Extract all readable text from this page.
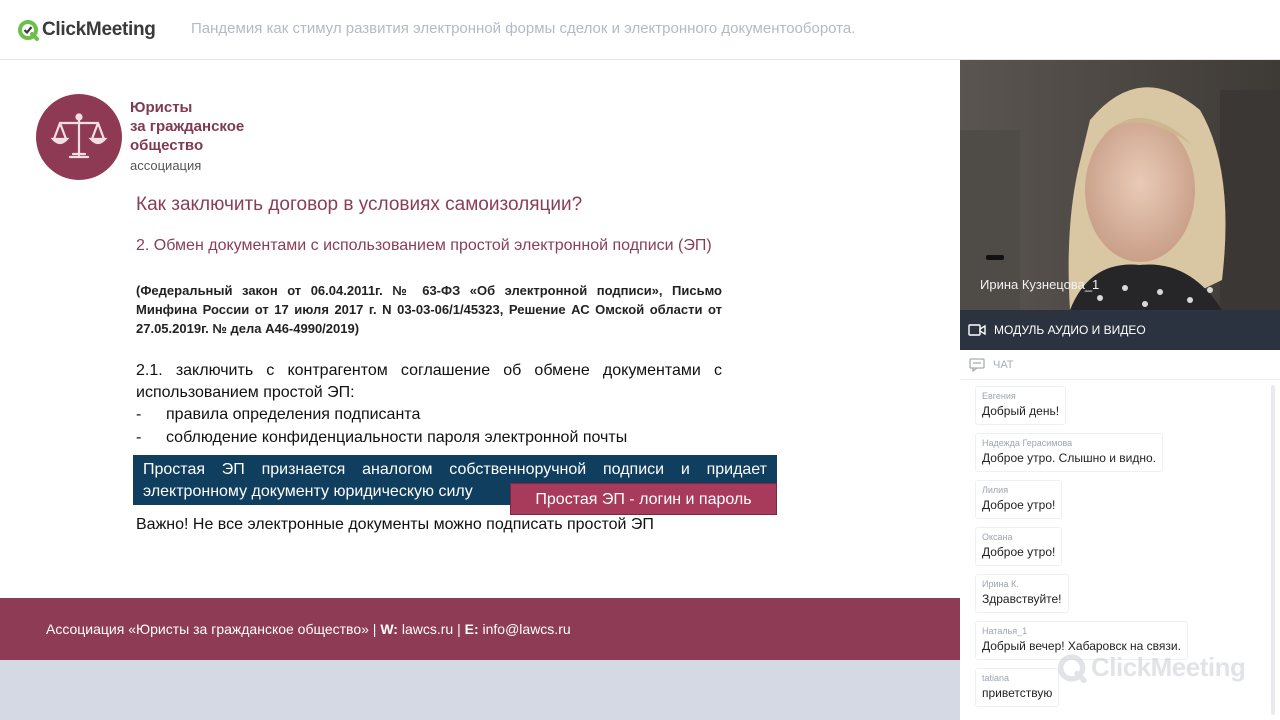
ClickMeeting Пандемия как стимул развития электронной формы сделок и электронного документооборота.
Юристы
за гражданское
общество
ассоциация
Как заключить договор в условиях самоизоляции?
2. Обмен документами с использованием простой электронной подписи (ЭП)
(Федеральный закон от 06.04.2011г. № 63-ФЗ «Об электронной подписи», Письмо Минфина России от 17 июля 2017 г. N 03-03-06/1/45323, Решение АС Омской области от 27.05.2019г. № дела А46-4990/2019)
2.1. заключить с контрагентом соглашение об обмене документами с использованием простой ЭП:
- правила определения подписанта
- соблюдение конфиденциальности пароля электронной почты
Простая ЭП признается аналогом собственноручной подписи и придает электронному документу юридическую силу	Простая ЭП - логин и пароль
Важно! Не все электронные документы можно подписать простой ЭП
Ассоциация «Юристы за гражданское общество» | W: lawcs.ru | E: info@lawcs.ru
Ирина Кузнецова_1
МОДУЛЬ АУДИО И ВИДЕО
ЧАТ
Евгения
Добрый день!
Надежда Герасимова
Доброе утро. Слышно и видно.
Лилия
Доброе утро!
Оксана
Доброе утро!
Ирина К.
Здравствуйте!
Наталья_1
Добрый вечер! Хабаровск на связи.
tatiana
приветствую
ClickMeeting
